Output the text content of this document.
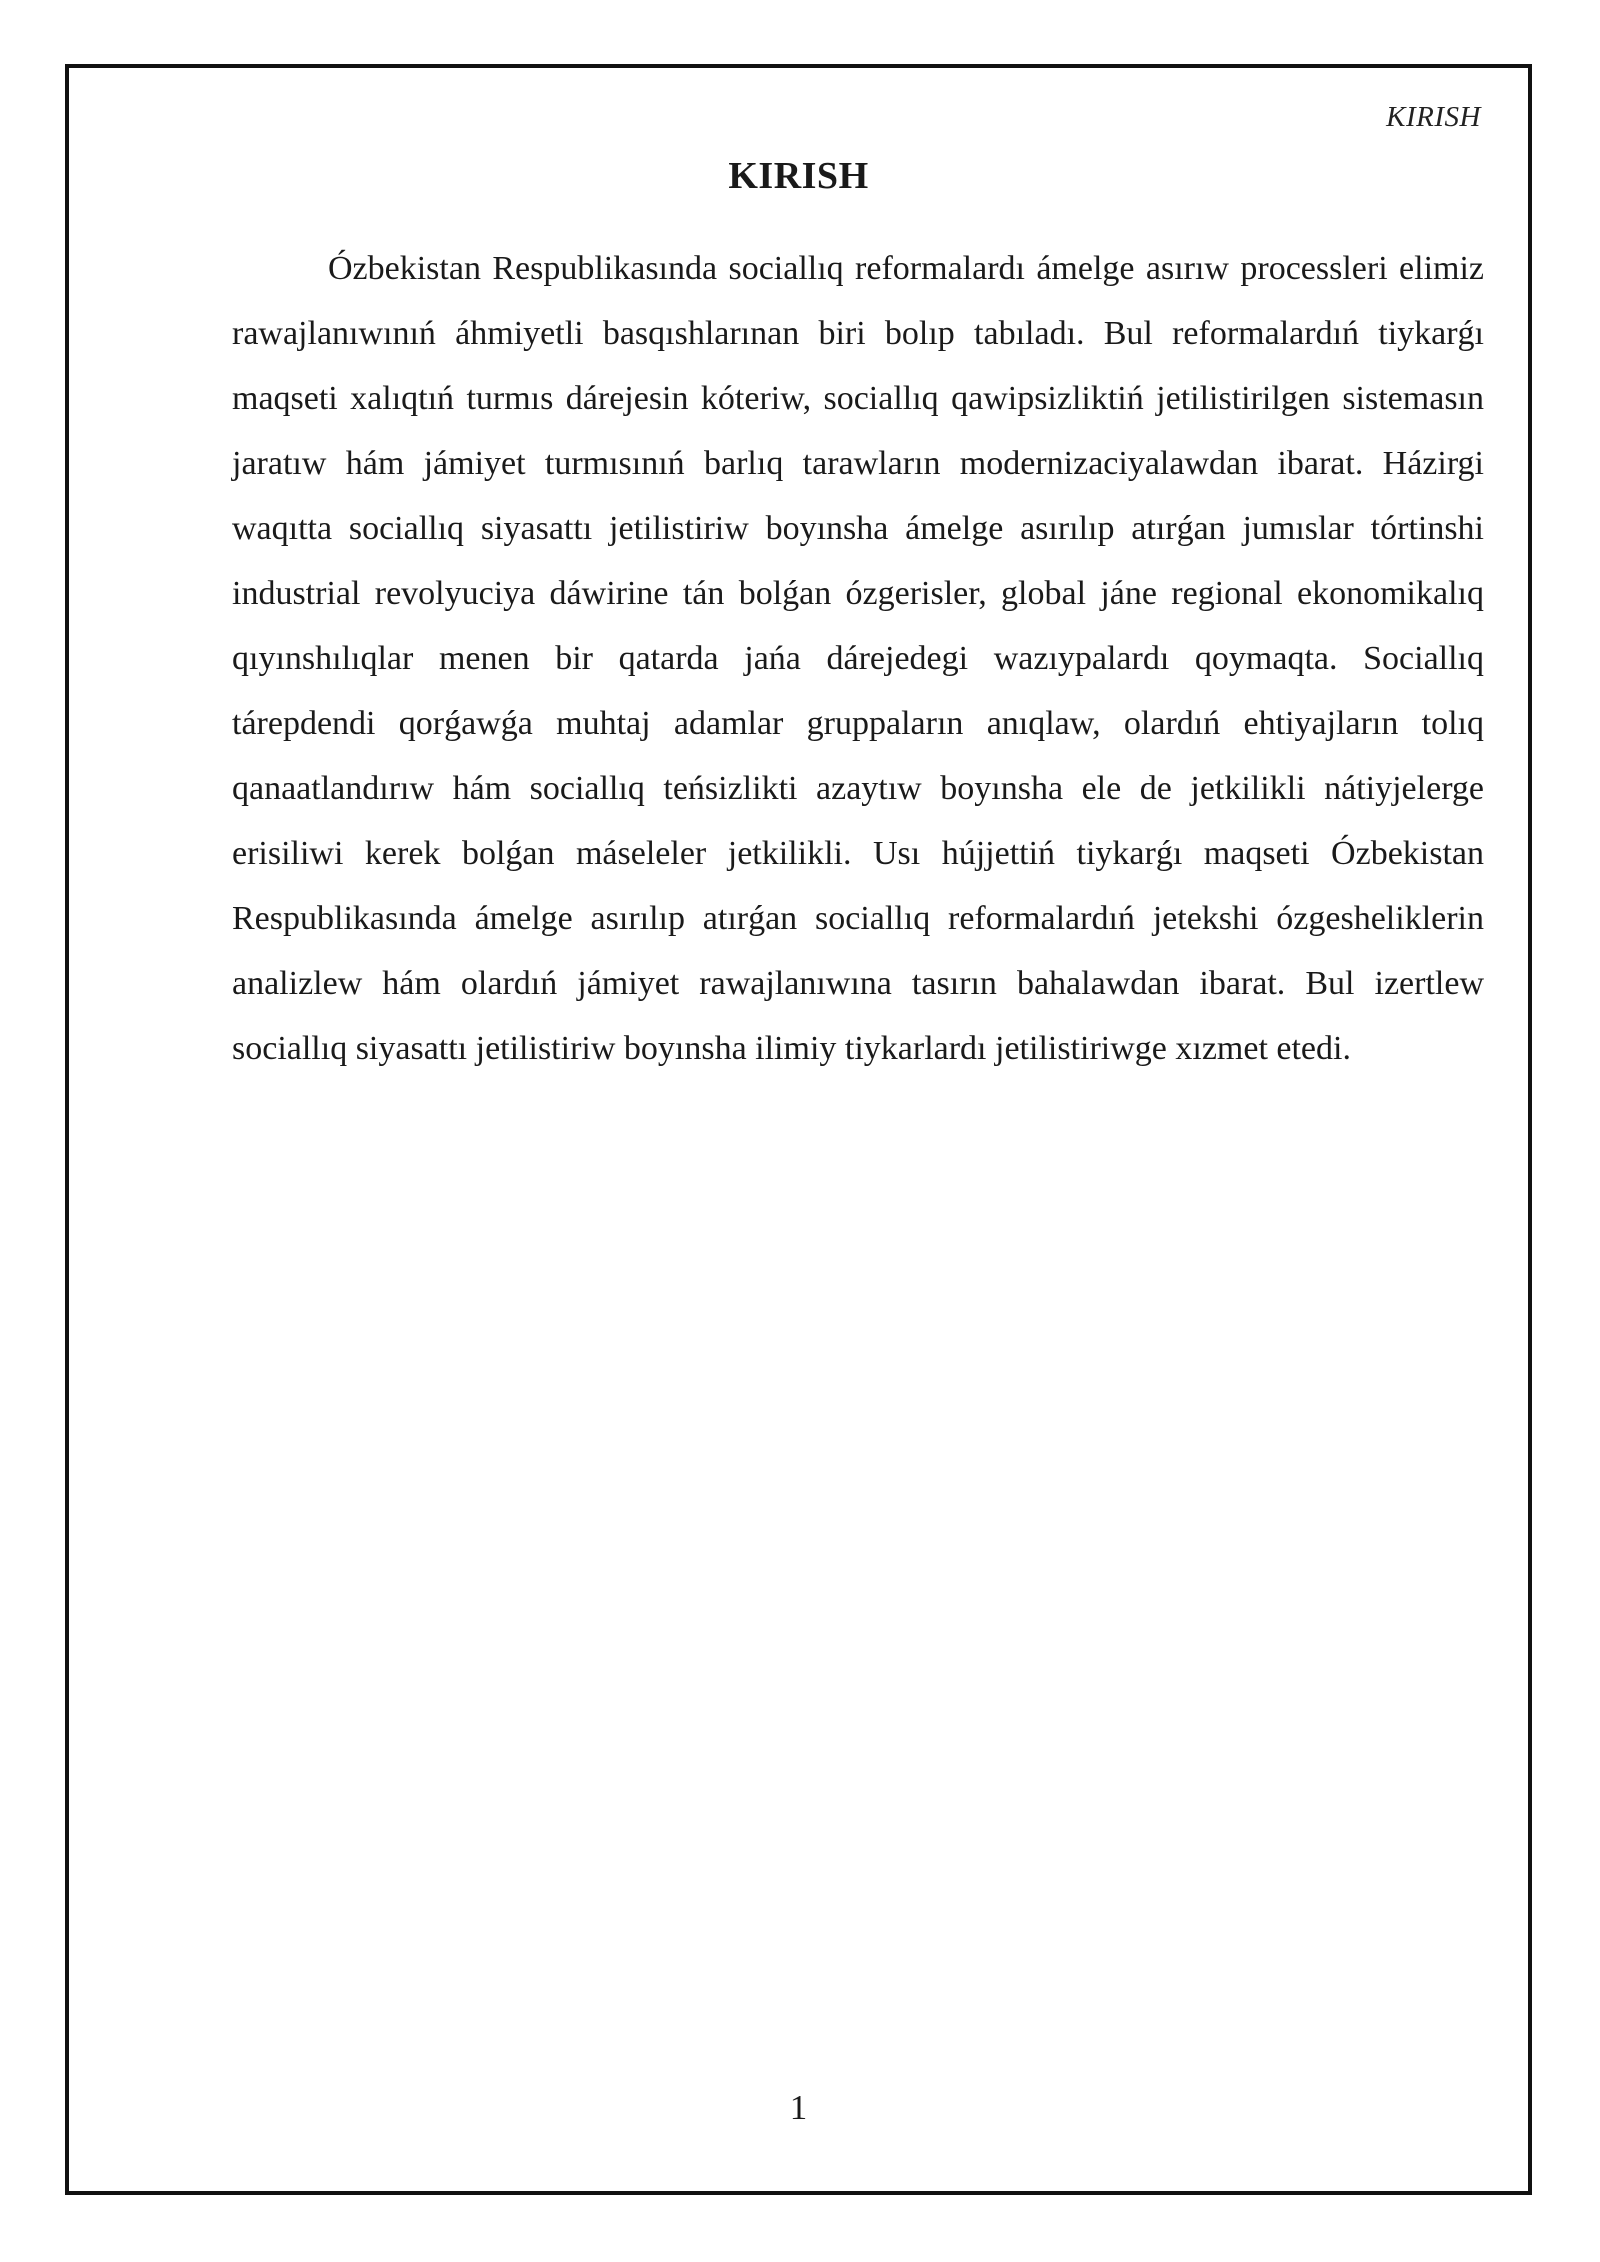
KIRISH
KIRISH

Ózbekistan Respublikasında sociallıq reformalardı ámelge asırıw processleri elimiz rawajlanıwınıń áhmiyetli basqıshlarınan biri bolıp tabıladı. Bul reformalardıń tiykarǵı maqseti xalıqtıń turmıs dárejesin kóteriw, sociallıq qawipsizliktiń jetilistirilgen sistemasın jaratıw hám jámiyet turmısınıń barlıq tarawların modernizaciyalawdan ibarat. Házirgi waqıtta sociallıq siyasattı jetilistiriw boyınsha ámelge asırılıp atırǵan jumıslar tórtinshi industrial revolyuciya dáwirine tán bolǵan ózgerisler, global jáne regional ekonomikalıq qıyınshılıqlar menen bir qatarda jańa dárejedegi wazıypalardı qoymaqta. Sociallıq tárepdendi qorǵawǵa muhtaj adamlar gruppaların anıqlaw, olardıń ehtiyajların tolıq qanaatlandırıw hám sociallıq teńsizlikti azaytıw boyınsha ele de jetkilikli nátiyjelerge erisiliwi kerek bolǵan máseleler jetkilikli. Usı hújjettiń tiykarǵı maqseti Ózbekistan Respublikasında ámelge asırılıp atırǵan sociallıq reformalardıń jetekshi ózgesheliklerin analizlew hám olardıń jámiyet rawajlanıwına tasırın bahalawdan ibarat. Bul izertlew sociallıq siyasattı jetilistiriw boyınsha ilimiy tiykarlardı jetilistiriwge xızmet etedi.

1
